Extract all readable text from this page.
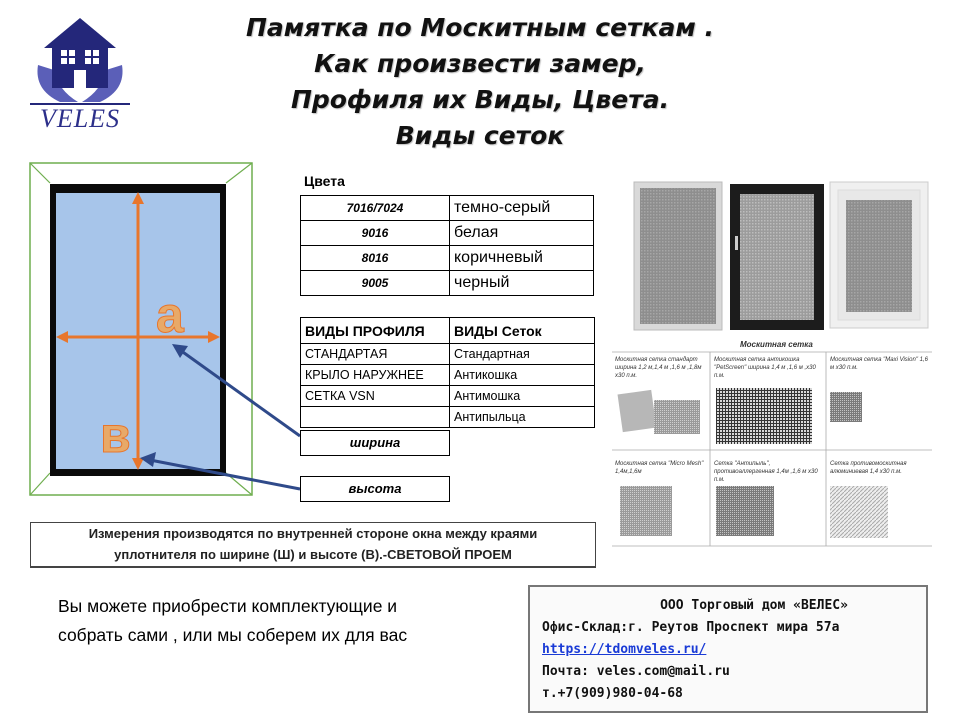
Памятка по Москитным сеткам .
Как произвести замер,
Профиля их Виды, Цвета.
Виды сеток
VELES
а
в
Цвета
7016/7024	темно-серый
9016	белая
8016	коричневый
9005	черный
ВИДЫ ПРОФИЛЯ	ВИДЫ Сеток
СТАНДАРТАЯ	Стандартная
КРЫЛО НАРУЖНЕЕ	Антикошка
СЕТКА VSN	Антимошка
	Антипыльца
ширина
высота
Измерения производятся по внутренней стороне окна между краями
уплотнителя по ширине (Ш) и высоте (В).-СВЕТОВОЙ ПРОЕМ
Вы можете приобрести комплектующие и
собрать сами , или мы соберем их для вас
ООО Торговый дом «ВЕЛЕС»
Офис-Склад:г. Реутов Проспект мира 57а
https://tdomveles.ru/
Почта: veles.com@mail.ru
т.+7(909)980-04-68
Москитная сетка
Москитная сетка стандарт ширина 1,2 м,1,4 м ,1,6 м ,1,8м х30 п.м.
Москитная сетка антикошка "PetScreen" ширина 1,4 м ,1,6 м ,х30 п.м.
Москитная сетка "Maxi Vision" 1,6 м х30 п.м.
Москитная сетка "Micro Mesh" 1,4м,1,6м
Сетка "Антипыль", противоаллергенная 1,4м ,1,6 м х30 п.м.
Сетка противомоскитная алюминиевая 1,4 х30 п.м.
